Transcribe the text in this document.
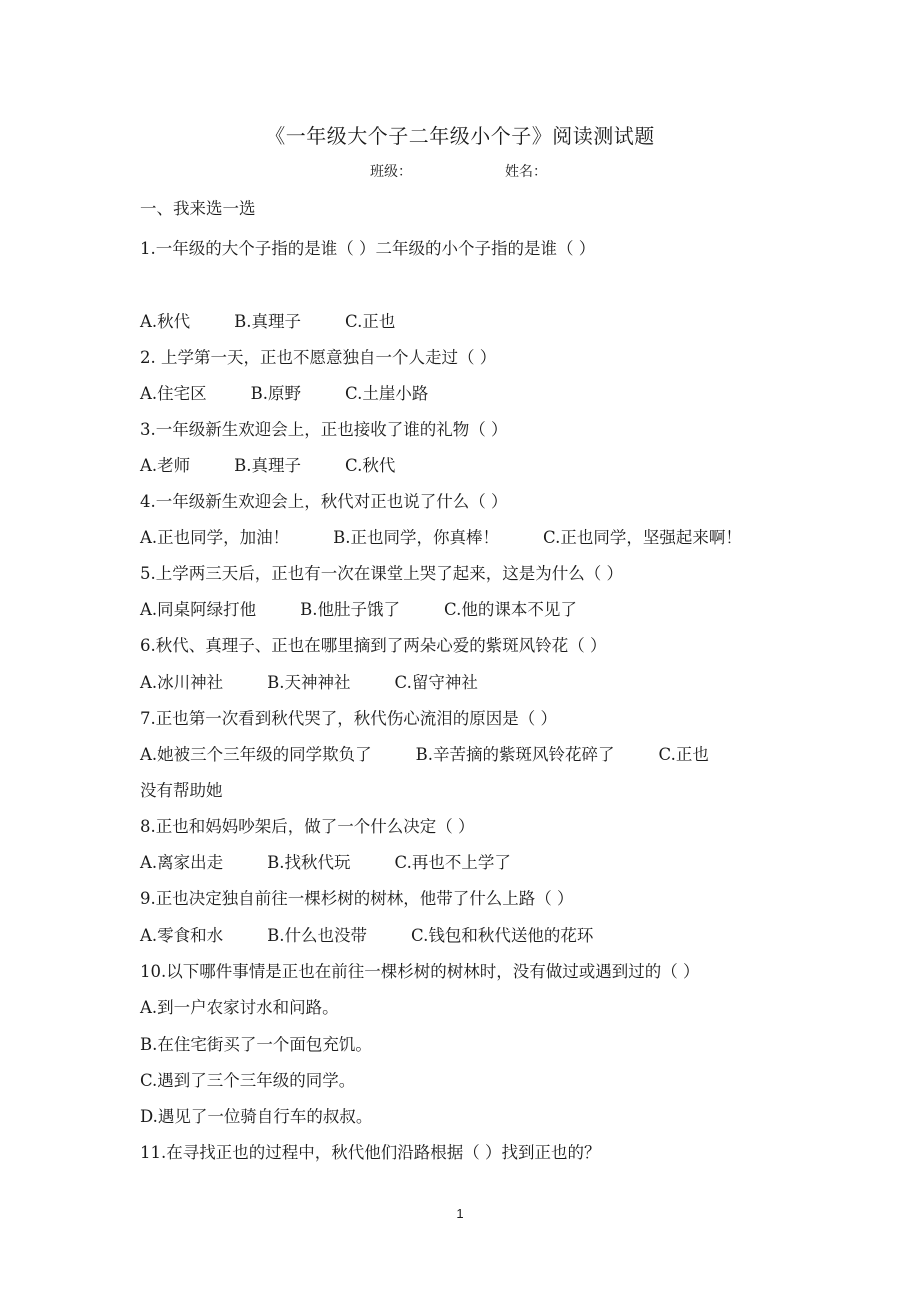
《一年级大个子二年级小个子》阅读测试题
班级：	姓名：
一、我来选一选
1.一年级的大个子指的是谁（ ）二年级的小个子指的是谁（ ）
A.秋代	B.真理子	C.正也
2. 上学第一天，正也不愿意独自一个人走过（ ）
A.住宅区	B.原野	C.土崖小路
3.一年级新生欢迎会上，正也接收了谁的礼物（ ）
A.老师	B.真理子	C.秋代
4.一年级新生欢迎会上，秋代对正也说了什么（ ）
A.正也同学，加油！	B.正也同学，你真棒！	C.正也同学，坚强起来啊！
5.上学两三天后，正也有一次在课堂上哭了起来，这是为什么（ ）
A.同桌阿绿打他	B.他肚子饿了	C.他的课本不见了
6.秋代、真理子、正也在哪里摘到了两朵心爱的紫斑风铃花（ ）
A.冰川神社	B.天神神社	C.留守神社
7.正也第一次看到秋代哭了，秋代伤心流泪的原因是（ ）
A.她被三个三年级的同学欺负了	B.辛苦摘的紫斑风铃花碎了	C.正也
没有帮助她
8.正也和妈妈吵架后，做了一个什么决定（ ）
A.离家出走	B.找秋代玩	C.再也不上学了
9.正也决定独自前往一棵杉树的树林，他带了什么上路（ ）
A.零食和水	B.什么也没带	C.钱包和秋代送他的花环
10.以下哪件事情是正也在前往一棵杉树的树林时，没有做过或遇到过的（ ）
A.到一户农家讨水和问路。
B.在住宅街买了一个面包充饥。
C.遇到了三个三年级的同学。
D.遇见了一位骑自行车的叔叔。
11.在寻找正也的过程中，秋代他们沿路根据（ ）找到正也的？
1
